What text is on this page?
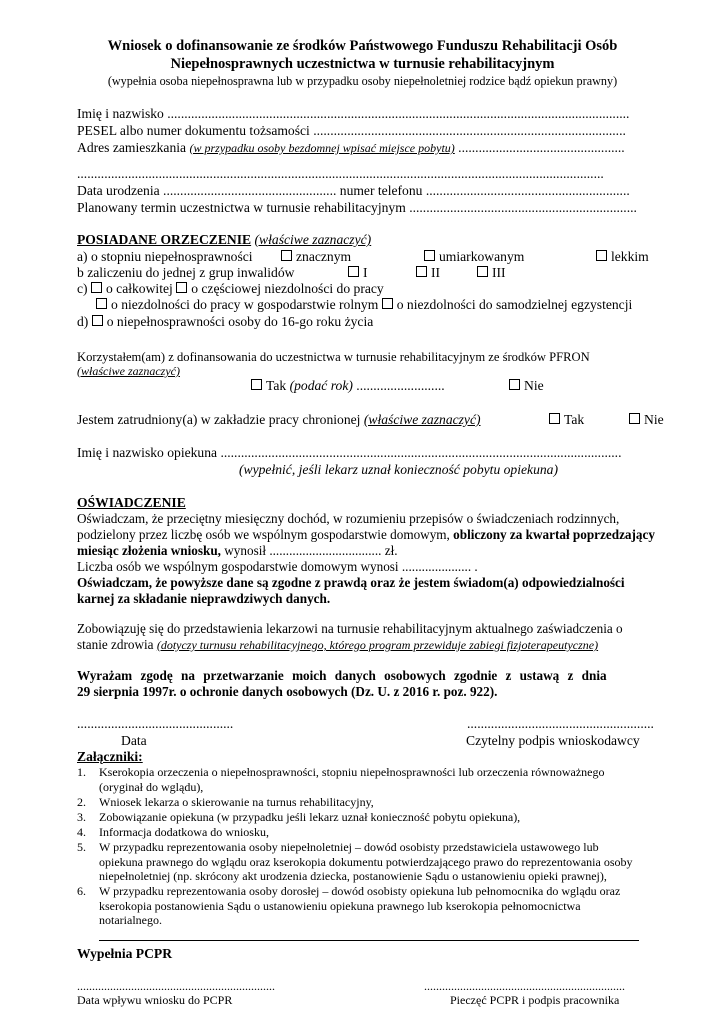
Wniosek o dofinansowanie ze środków Państwowego Funduszu Rehabilitacji Osób
Niepełnosprawnych uczestnictwa w turnusie rehabilitacyjnym
(wypełnia osoba niepełnosprawna lub w przypadku osoby niepełnoletniej rodzice bądź opiekun prawny)
Imię i nazwisko ........................................................................................................................................
PESEL albo numer dokumentu tożsamości ............................................................................................
Adres zamieszkania (w przypadku osoby bezdomnej wpisać miejsce pobytu) .................................................
...........................................................................................................................................................
Data urodzenia ................................................... numer telefonu ............................................................
Planowany termin uczestnictwa w turnusie rehabilitacyjnym ...................................................................
POSIADANE ORZECZENIE (właściwe zaznaczyć)
a) o stopniu niepełnosprawności	znacznym	umiarkowanym	lekkim
b zaliczeniu do jednej z grup inwalidów	I	II	III
c) o całkowitej o częściowej niezdolności do pracy
o niezdolności do pracy w gospodarstwie rolnym o niezdolności do samodzielnej egzystencji
d) o niepełnosprawności osoby do 16-go roku życia
Korzystałem(am) z dofinansowania do uczestnictwa w turnusie rehabilitacyjnym ze środków PFRON
(właściwe zaznaczyć)
Tak (podać rok) ..........................	Nie
Jestem zatrudniony(a) w zakładzie pracy chronionej (właściwe zaznaczyć)	Tak	Nie
Imię i nazwisko opiekuna ......................................................................................................................
(wypełnić, jeśli lekarz uznał konieczność pobytu opiekuna)
OŚWIADCZENIE
Oświadczam, że przeciętny miesięczny dochód, w rozumieniu przepisów o świadczeniach rodzinnych,
podzielony przez liczbę osób we wspólnym gospodarstwie domowym, obliczony za kwartał poprzedzający
miesiąc złożenia wniosku, wynosił .................................. zł.
Liczba osób we wspólnym gospodarstwie domowym wynosi ..................... .
Oświadczam, że powyższe dane są zgodne z prawdą oraz że jestem świadom(a) odpowiedzialności
karnej za składanie nieprawdziwych danych.
Zobowiązuję się do przedstawienia lekarzowi na turnusie rehabilitacyjnym aktualnego zaświadczenia o
stanie zdrowia (dotyczy turnusu rehabilitacyjnego, którego program przewiduje zabiegi fizjoterapeutyczne)
Wyrażam zgodę na przetwarzanie moich danych osobowych zgodnie z ustawą z dnia
29 sierpnia 1997r. o ochronie danych osobowych (Dz. U. z 2016 r. poz. 922).
..............................................	.......................................................
Data	Czytelny podpis wnioskodawcy
Załączniki:
1. Kserokopia orzeczenia o niepełnosprawności, stopniu niepełnosprawności lub orzeczenia równoważnego
(oryginał do wglądu),
2. Wniosek lekarza o skierowanie na turnus rehabilitacyjny,
3. Zobowiązanie opiekuna (w przypadku jeśli lekarz uznał konieczność pobytu opiekuna),
4. Informacja dodatkowa do wniosku,
5. W przypadku reprezentowania osoby niepełnoletniej – dowód osobisty przedstawiciela ustawowego lub
opiekuna prawnego do wglądu oraz kserokopia dokumentu potwierdzającego prawo do reprezentowania osoby
niepełnoletniej (np. skrócony akt urodzenia dziecka, postanowienie Sądu o ustanowieniu opieki prawnej),
6. W przypadku reprezentowania osoby dorosłej – dowód osobisty opiekuna lub pełnomocnika do wglądu oraz
kserokopia postanowienia Sądu o ustanowieniu opiekuna prawnego lub kserokopia pełnomocnictwa
notarialnego.
Wypełnia PCPR
..................................................................	...................................................................
Data wpływu wniosku do PCPR	Pieczęć PCPR i podpis pracownika
